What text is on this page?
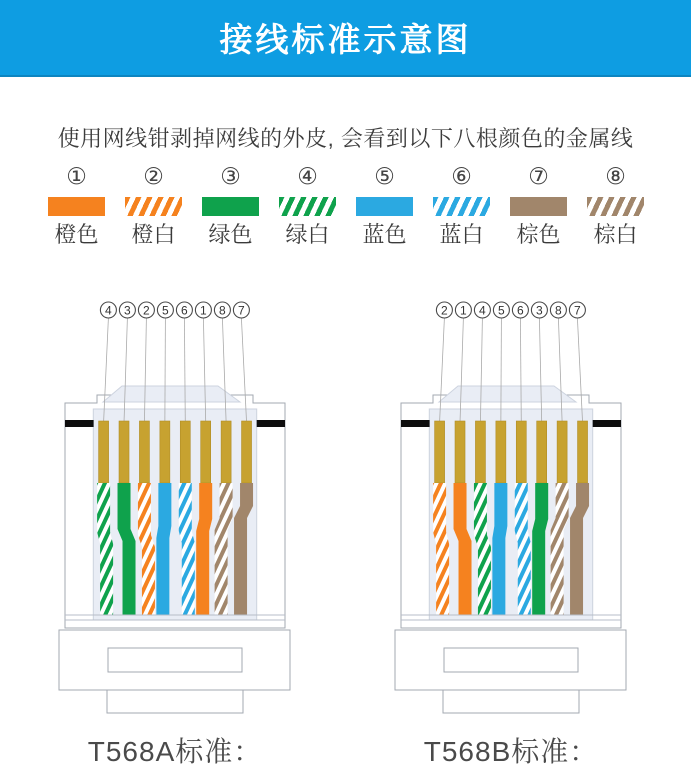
接线标准示意图
使用网线钳剥掉网线的外皮, 会看到以下八根颜色的金属线
①
橙色
②
橙白
③
绿色
④
绿白
⑤
蓝色
⑥
蓝白
⑦
棕色
⑧
棕白
4 3 2 5 6 1 8 7
T568A标准：
2 1 4 5 6 3 8 7
T568B标准：
